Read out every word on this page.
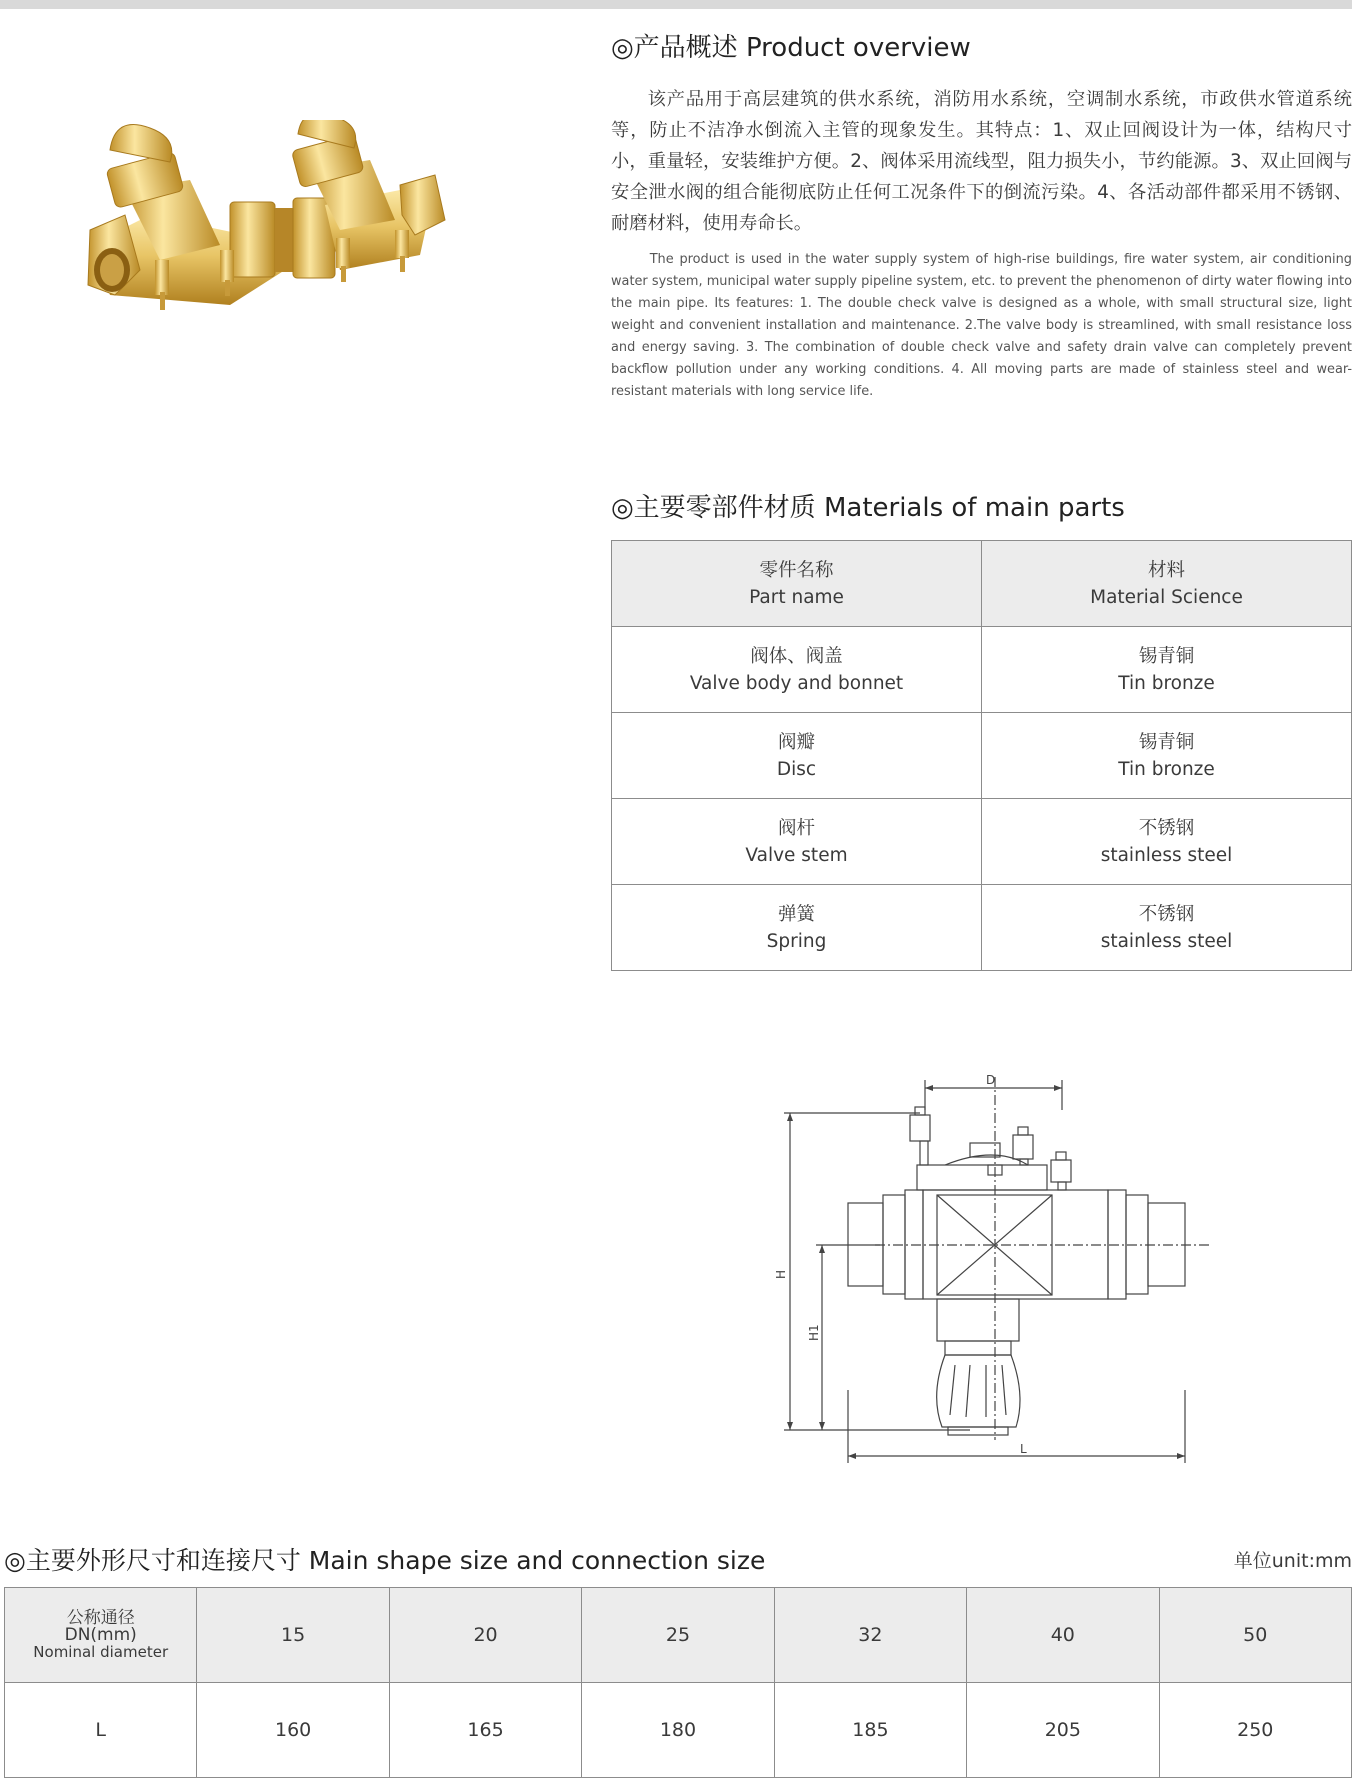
◎产品概述 Product overview

该产品用于高层建筑的供水系统，消防用水系统，空调制水系统，市政供水管道系统等，防止不洁净水倒流入主管的现象发生。其特点：1、双止回阀设计为一体，结构尺寸小，重量轻，安装维护方便。2、阀体采用流线型，阻力损失小，节约能源。3、双止回阀与安全泄水阀的组合能彻底防止任何工况条件下的倒流污染。4、各活动部件都采用不锈钢、耐磨材料，使用寿命长。

The product is used in the water supply system of high-rise buildings, fire water system, air conditioning water system, municipal water supply pipeline system, etc. to prevent the phenomenon of dirty water flowing into the main pipe. Its features: 1. The double check valve is designed as a whole, with small structural size, light weight and convenient installation and maintenance. 2.The valve body is streamlined, with small resistance loss and energy saving. 3. The combination of double check valve and safety drain valve can completely prevent backflow pollution under any working conditions. 4. All moving parts are made of stainless steel and wear-resistant materials with long service life.

◎主要零部件材质 Materials of main parts
零件名称
Part name	材料
Material Science

阀体、阀盖
Valve body and bonnet	锡青铜
Tin bronze

阀瓣
Disc	锡青铜
Tin bronze

阀杆
Valve stem	不锈钢
stainless steel

弹簧
Spring	不锈钢
stainless steel
D
H
H1
L
◎主要外形尺寸和连接尺寸 Main shape size and connection size	单位unit:mm
公称通径
DN(mm)
Nominal diameter	15	20	25	32	40	50
L	160	165	180	185	205	250
